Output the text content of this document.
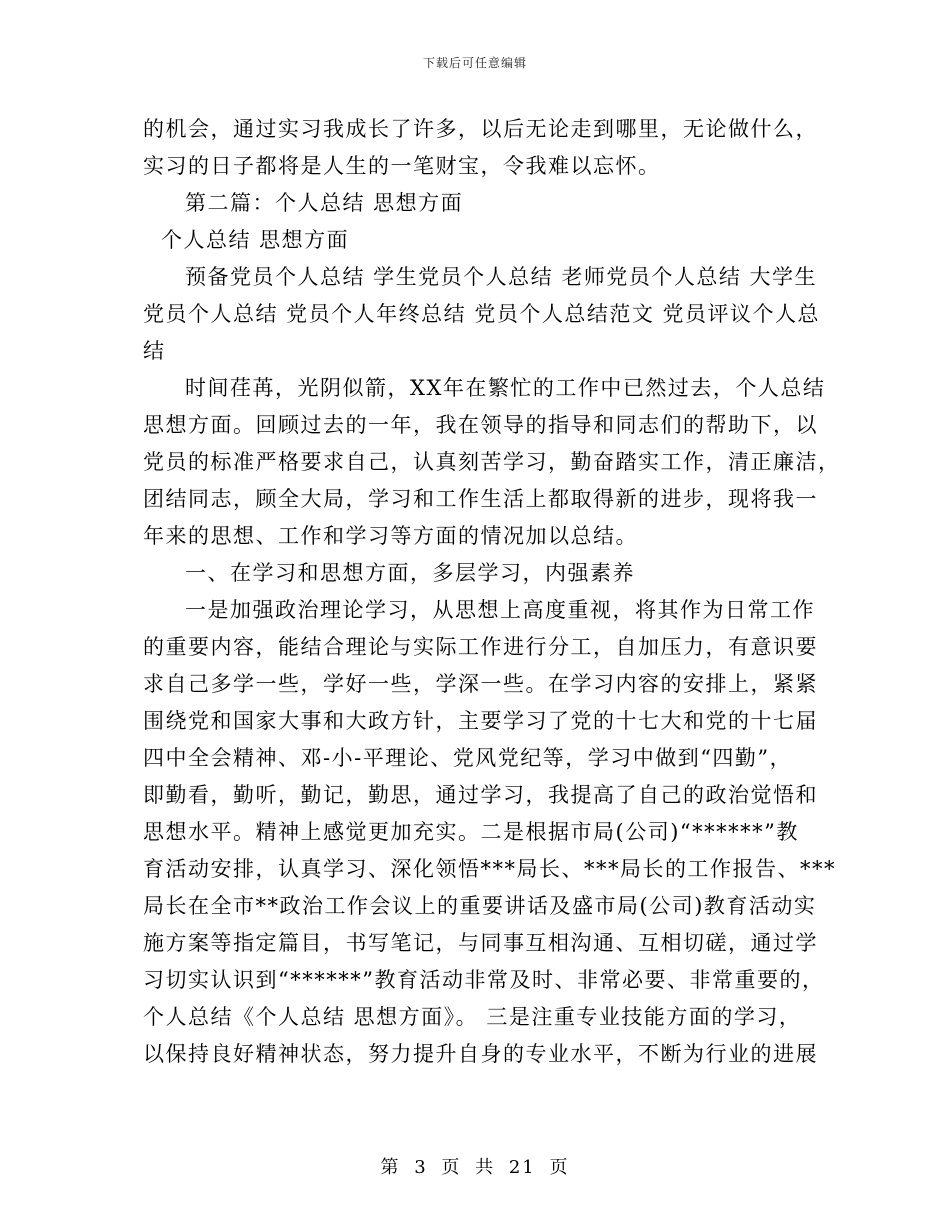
下载后可任意编辑
的机会，通过实习我成长了许多，以后无论走到哪里，无论做什么，
实习的日子都将是人生的一笔财宝，令我难以忘怀。
第二篇：个人总结 思想方面
个人总结 思想方面
预备党员个人总结 学生党员个人总结 老师党员个人总结 大学生
党员个人总结 党员个人年终总结 党员个人总结范文 党员评议个人总
结
时间荏苒，光阴似箭，XX年在繁忙的工作中已然过去，个人总结
思想方面。回顾过去的一年，我在领导的指导和同志们的帮助下，以
党员的标准严格要求自己，认真刻苦学习，勤奋踏实工作，清正廉洁，
团结同志，顾全大局，学习和工作生活上都取得新的进步，现将我一
年来的思想、工作和学习等方面的情况加以总结。
一、在学习和思想方面，多层学习，内强素养
一是加强政治理论学习，从思想上高度重视，将其作为日常工作
的重要内容，能结合理论与实际工作进行分工，自加压力，有意识要
求自己多学一些，学好一些，学深一些。在学习内容的安排上，紧紧
围绕党和国家大事和大政方针，主要学习了党的十七大和党的十七届
四中全会精神、邓-小-平理论、党风党纪等，学习中做到“四勤”，
即勤看，勤听，勤记，勤思，通过学习，我提高了自己的政治觉悟和
思想水平。精神上感觉更加充实。二是根据市局(公司)“******”教
育活动安排，认真学习、深化领悟***局长、***局长的工作报告、***
局长在全市**政治工作会议上的重要讲话及盛市局(公司)教育活动实
施方案等指定篇目，书写笔记，与同事互相沟通、互相切磋，通过学
习切实认识到“******”教育活动非常及时、非常必要、非常重要的，
个人总结《个人总结 思想方面》。 三是注重专业技能方面的学习，
以保持良好精神状态，努力提升自身的专业水平，不断为行业的进展
第 3 页 共 21 页
